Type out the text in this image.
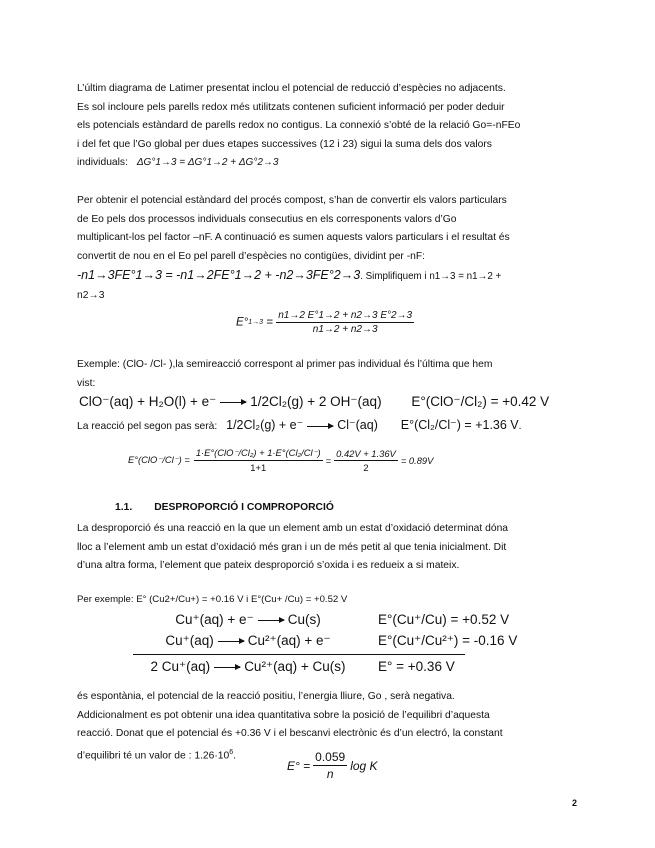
L’últim diagrama de Latimer presentat inclou el potencial de reducció d’espècies no adjacents.
Es sol incloure pels parells redox més utilitzats contenen suficient informació per poder deduir
els potencials estàndard de parells redox no contigus. La connexió s’obté de la relació Go=-nFEo
i del fet que l’Go global per dues etapes successives (12 i 23) sigui la suma dels dos valors
individuals: ΔG°1→3 = ΔG°1→2 + ΔG°2→3
Per obtenir el potencial estàndard del procés compost, s’han de convertir els valors particulars
de Eo pels dos processos individuals consecutius en els corresponents valors d’Go
multiplicant-los pel factor –nF. A continuació es sumen aquests valors particulars i el resultat és
convertit de nou en el Eo pel parell d’espècies no contigües, dividint per -nF:
-n1→3FE°1→3 = -n1→2FE°1→2 + -n2→3FE°2→3. Simplifiquem i n1→3 = n1→2 +
n2→3
$E^\circ 1\to 3 = \frac{n1\to 2 E^\circ 1\to 2 + n2\to 3 E^\circ 2\to 3}{n1\to 2 + n2\to 3}$
Exemple: (ClO- /Cl- ),la semireacció correspont al primer pas individual és l’última que hem
vist:
ClO⁻(aq) + H₂O(l) + e⁻ → 1/2Cl₂(g) + 2 OH⁻(aq) E°(ClO⁻/Cl₂) = +0.42 V
La reacció pel segon pas serà: 1/2Cl₂(g) + e⁻ → Cl⁻(aq) E°(Cl₂/Cl⁻) = +1.36 V.
$E^\circ(ClO^-/Cl^-) = \frac{\text{1·E°(ClO⁻/Cl₂) + 1·E°(Cl₂/Cl⁻)}}{1+1} = \frac{0.42V + 1.36V}{2} = 0.89V$
1.1. DESPROPORCIÓ I COMPROPORCIÓ
La desproporció és una reacció en la que un element amb un estat d’oxidació determinat dóna
lloc a l’element amb un estat d’oxidació més gran i un de més petit al que tenia inicialment. Dit
d’una altra forma, l’element que pateix desproporció s’oxida i es redueix a si mateix.
Per exemple: E° (Cu2+/Cu+) = +0.16 V i E°(Cu+ /Cu) = +0.52 V
Cu⁺(aq) + e⁻ → Cu(s)	E°(Cu⁺/Cu) = +0.52 V
Cu⁺(aq) → Cu²⁺(aq) + e⁻	E°(Cu⁺/Cu²⁺) = -0.16 V
2 Cu⁺(aq) → Cu²⁺(aq) + Cu(s)	E° = +0.36 V
és espontània, el potencial de la reacció positiu, l’energia lliure, Go , serà negativa.
Addicionalment es pot obtenir una idea quantitativa sobre la posició de l’equilibri d’aquesta
reacció. Donat que el potencial és +0.36 V i el bescanvi electrònic és d’un electró, la constant
d’equilibri té un valor de : $1.26\cdot 10^6$.
$E^\circ = \frac{0.059}{n}$ log K
2
